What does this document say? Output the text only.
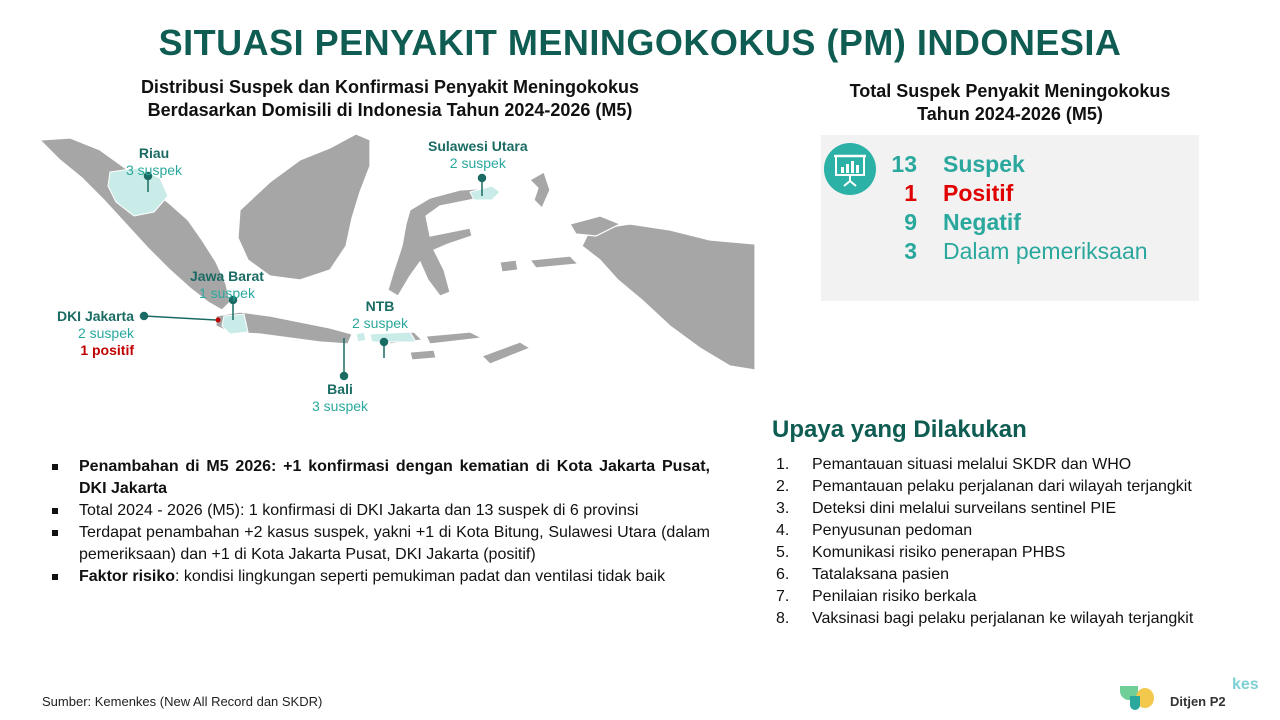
SITUASI PENYAKIT MENINGOKOKUS (PM) INDONESIA
Distribusi Suspek dan Konfirmasi Penyakit Meningokokus
Berdasarkan Domisili di Indonesia Tahun 2024-2026 (M5)
Riau
3 suspek
Sulawesi Utara
2 suspek
Jawa Barat
1 suspek
DKI Jakarta
2 suspek
1 positif
NTB
2 suspek
Bali
3 suspek
Total Suspek Penyakit Meningokokus
Tahun 2024-2026 (M5)
13 Suspek
1 Positif
9 Negatif
3 Dalam pemeriksaan
Penambahan di M5 2026: +1 konfirmasi dengan kematian di Kota Jakarta Pusat, DKI Jakarta
Total 2024 - 2026 (M5): 1 konfirmasi di DKI Jakarta dan 13 suspek di 6 provinsi
Terdapat penambahan +2 kasus suspek, yakni +1 di Kota Bitung, Sulawesi Utara (dalam pemeriksaan) dan +1 di Kota Jakarta Pusat, DKI Jakarta (positif)
Faktor risiko: kondisi lingkungan seperti pemukiman padat dan ventilasi tidak baik
Upaya yang Dilakukan
1. Pemantauan situasi melalui SKDR dan WHO
2. Pemantauan pelaku perjalanan dari wilayah terjangkit
3. Deteksi dini melalui surveilans sentinel PIE
4. Penyusunan pedoman
5. Komunikasi risiko penerapan PHBS
6. Tatalaksana pasien
7. Penilaian risiko berkala
8. Vaksinasi bagi pelaku perjalanan ke wilayah terjangkit
Sumber: Kemenkes (New All Record dan SKDR)
kes
Ditjen P2
